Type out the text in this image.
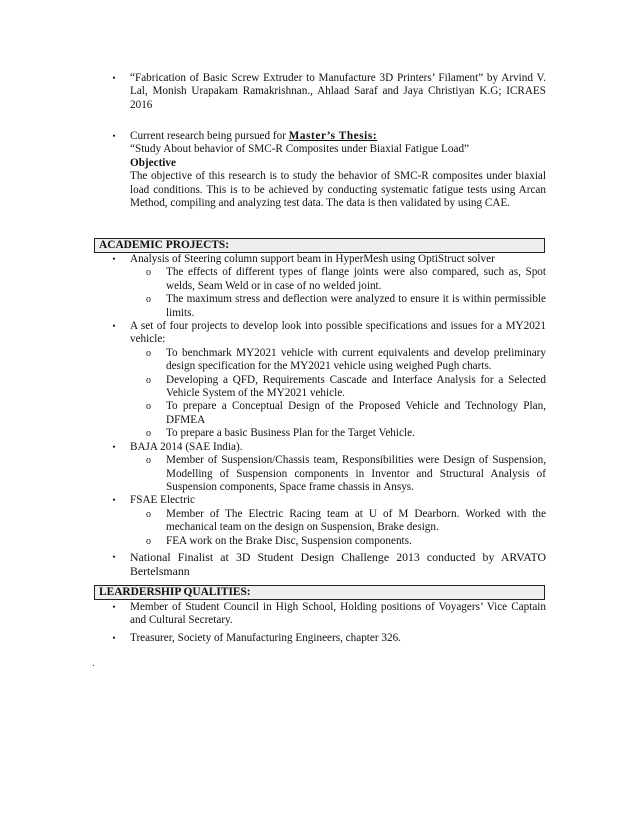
•	“Fabrication of Basic Screw Extruder to Manufacture 3D Printers’ Filament” by Arvind V. Lal, Monish Urapakam Ramakrishnan., Ahlaad Saraf and Jaya Christiyan K.G; ICRAES 2016
•	Current research being pursued for Master’s Thesis:
“Study About behavior of SMC-R Composites under Biaxial Fatigue Load”
Objective
The objective of this research is to study the behavior of SMC-R composites under biaxial load conditions. This is to be achieved by conducting systematic fatigue tests using Arcan Method, compiling and analyzing test data. The data is then validated by using CAE.
ACADEMIC PROJECTS:
•	Analysis of Steering column support beam in HyperMesh using OptiStruct solver
o The effects of different types of flange joints were also compared, such as, Spot welds, Seam Weld or in case of no welded joint.
o The maximum stress and deflection were analyzed to ensure it is within permissible limits.
•	A set of four projects to develop look into possible specifications and issues for a MY2021 vehicle:
o To benchmark MY2021 vehicle with current equivalents and develop preliminary design specification for the MY2021 vehicle using weighed Pugh charts.
o Developing a QFD, Requirements Cascade and Interface Analysis for a Selected Vehicle System of the MY2021 vehicle.
o To prepare a Conceptual Design of the Proposed Vehicle and Technology Plan, DFMEA
o To prepare a basic Business Plan for the Target Vehicle.
•	BAJA 2014 (SAE India).
o Member of Suspension/Chassis team, Responsibilities were Design of Suspension, Modelling of Suspension components in Inventor and Structural Analysis of Suspension components, Space frame chassis in Ansys.
•	FSAE Electric
o Member of The Electric Racing team at U of M Dearborn. Worked with the mechanical team on the design on Suspension, Brake design.
o FEA work on the Brake Disc, Suspension components.
• National Finalist at 3D Student Design Challenge 2013 conducted by ARVATO Bertelsmann
LEARDERSHIP QUALITIES:
•	Member of Student Council in High School, Holding positions of Voyagers’ Vice Captain and Cultural Secretary.
•	Treasurer, Society of Manufacturing Engineers, chapter 326.
.
